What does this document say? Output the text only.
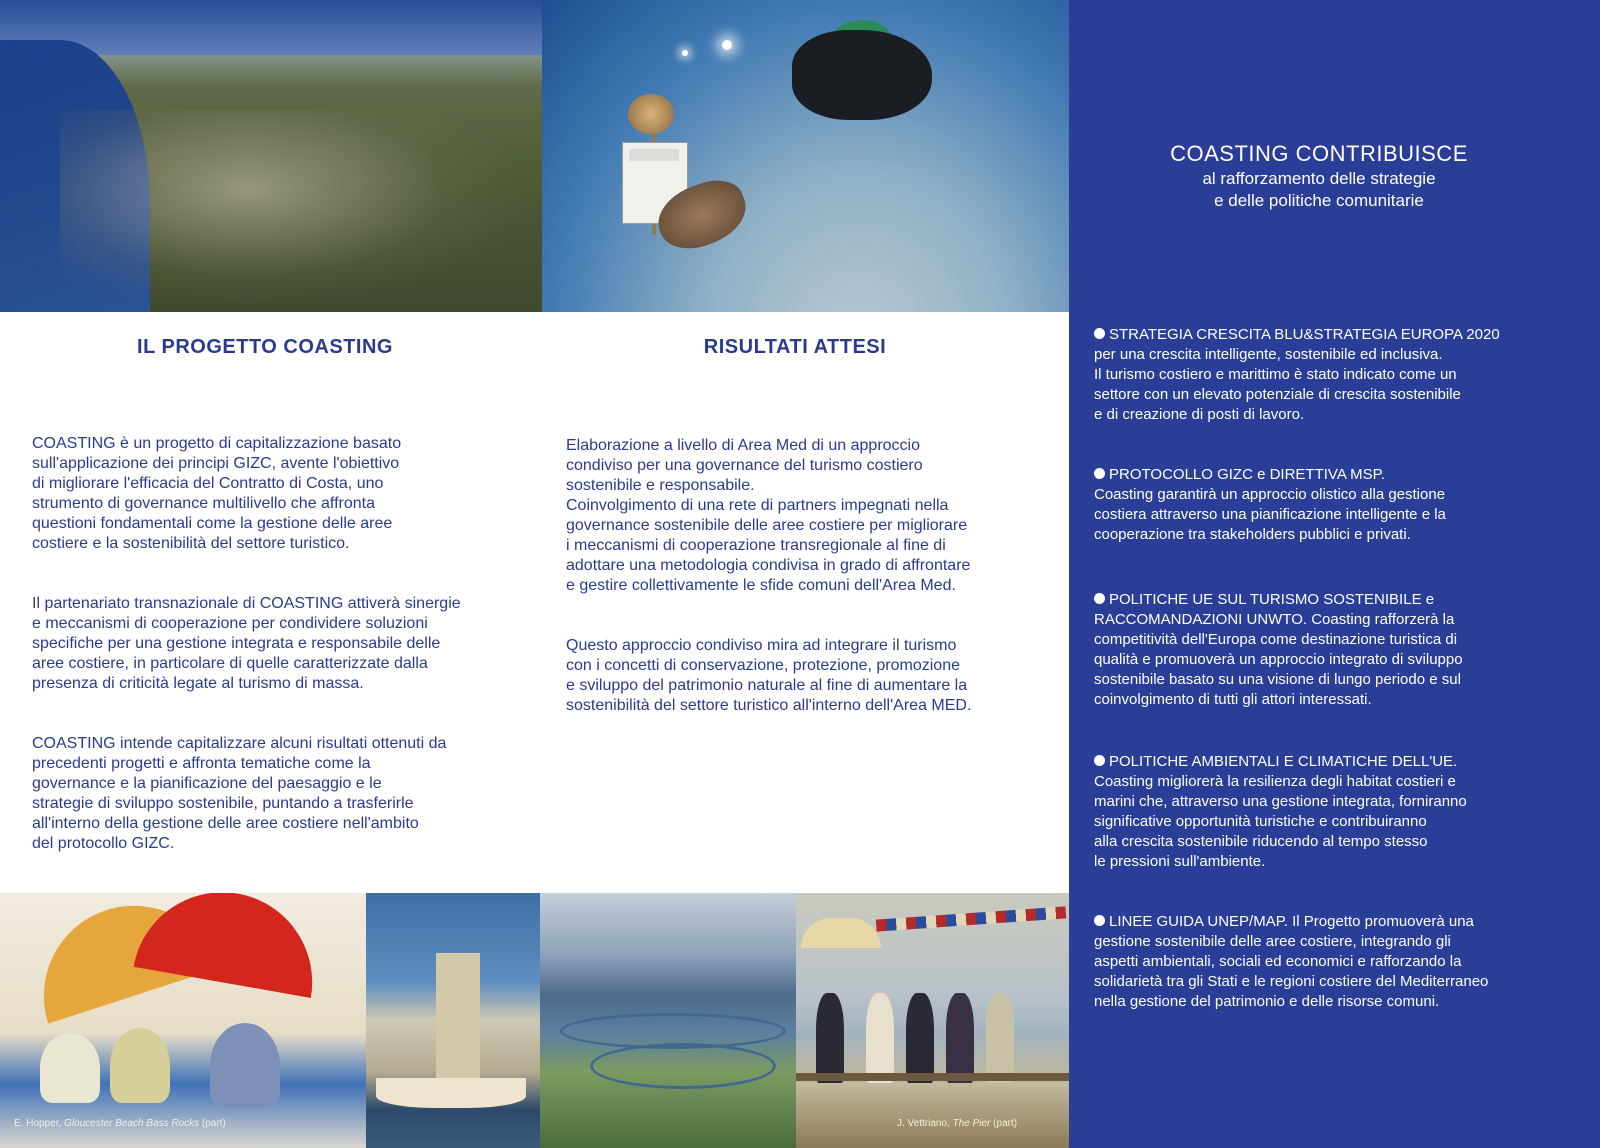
IL PROGETTO COASTING	RISULTATI ATTESI

COASTING è un progetto di capitalizzazione basato
sull'applicazione dei principi GIZC, avente l'obiettivo
di migliorare l'efficacia del Contratto di Costa, uno
strumento di governance multilivello che affronta
questioni fondamentali come la gestione delle aree
costiere e la sostenibilità del settore turistico.

Il partenariato transnazionale di COASTING attiverà sinergie
e meccanismi di cooperazione per condividere soluzioni
specifiche per una gestione integrata e responsabile delle
aree costiere, in particolare di quelle caratterizzate dalla
presenza di criticità legate al turismo di massa.

COASTING intende capitalizzare alcuni risultati ottenuti da
precedenti progetti e affronta tematiche come la
governance e la pianificazione del paesaggio e le
strategie di sviluppo sostenibile, puntando a trasferirle
all'interno della gestione delle aree costiere nell'ambito
del protocollo GIZC.

Elaborazione a livello di Area Med di un approccio
condiviso per una governance del turismo costiero
sostenibile e responsabile.
Coinvolgimento di una rete di partners impegnati nella
governance sostenibile delle aree costiere per migliorare
i meccanismi di cooperazione transregionale al fine di
adottare una metodologia condivisa in grado di affrontare
e gestire collettivamente le sfide comuni dell'Area Med.

Questo approccio condiviso mira ad integrare il turismo
con i concetti di conservazione, protezione, promozione
e sviluppo del patrimonio naturale al fine di aumentare la
sostenibilità del settore turistico all'interno dell'Area MED.

E. Hopper, Gloucester Beach Bass Rocks (part)	J. Vettriano, The Pier (part)
COASTING CONTRIBUISCE
al rafforzamento delle strategie
e delle politiche comunitarie

STRATEGIA CRESCITA BLU&STRATEGIA EUROPA 2020
per una crescita intelligente, sostenibile ed inclusiva.
Il turismo costiero e marittimo è stato indicato come un
settore con un elevato potenziale di crescita sostenibile
e di creazione di posti di lavoro.

PROTOCOLLO GIZC e DIRETTIVA MSP.
Coasting garantirà un approccio olistico alla gestione
costiera attraverso una pianificazione intelligente e la
cooperazione tra stakeholders pubblici e privati.

POLITICHE UE SUL TURISMO SOSTENIBILE e
RACCOMANDAZIONI UNWTO. Coasting rafforzerà la
competitività dell'Europa come destinazione turistica di
qualità e promuoverà un approccio integrato di sviluppo
sostenibile basato su una visione di lungo periodo e sul
coinvolgimento di tutti gli attori interessati.

POLITICHE AMBIENTALI E CLIMATICHE DELL'UE.
Coasting migliorerà la resilienza degli habitat costieri e
marini che, attraverso una gestione integrata, forniranno
significative opportunità turistiche e contribuiranno
alla crescita sostenibile riducendo al tempo stesso
le pressioni sull'ambiente.

LINEE GUIDA UNEP/MAP. Il Progetto promuoverà una
gestione sostenibile delle aree costiere, integrando gli
aspetti ambientali, sociali ed economici e rafforzando la
solidarietà tra gli Stati e le regioni costiere del Mediterraneo
nella gestione del patrimonio e delle risorse comuni.
